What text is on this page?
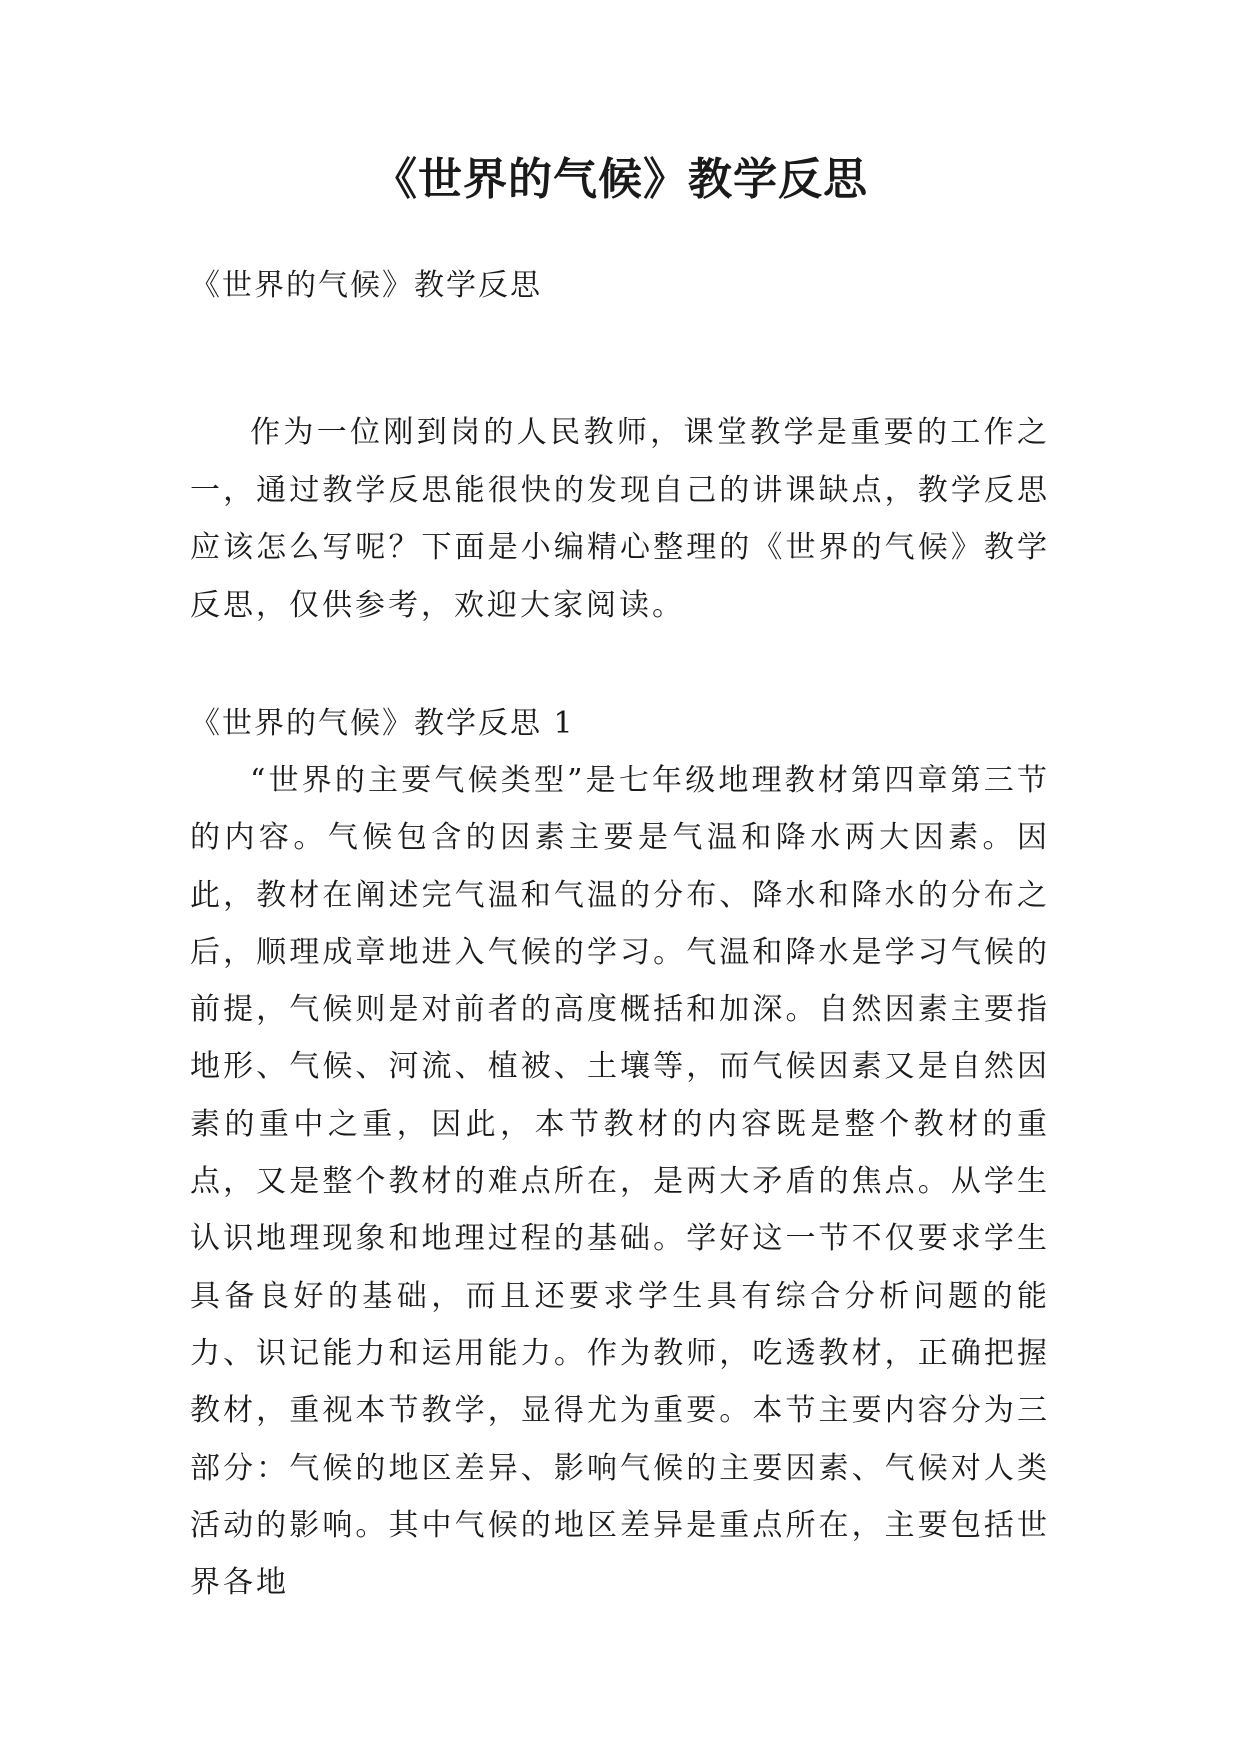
《世界的气候》教学反思

《世界的气候》教学反思

作为一位刚到岗的人民教师，课堂教学是重要的工作之一，通过教学反思能很快的发现自己的讲课缺点，教学反思应该怎么写呢？下面是小编精心整理的《世界的气候》教学反思，仅供参考，欢迎大家阅读。

《世界的气候》教学反思 1

“世界的主要气候类型”是七年级地理教材第四章第三节的内容。气候包含的因素主要是气温和降水两大因素。因此，教材在阐述完气温和气温的分布、降水和降水的分布之后，顺理成章地进入气候的学习。气温和降水是学习气候的前提，气候则是对前者的高度概括和加深。自然因素主要指地形、气候、河流、植被、土壤等，而气候因素又是自然因素的重中之重，因此，本节教材的内容既是整个教材的重点，又是整个教材的难点所在，是两大矛盾的焦点。从学生认识地理现象和地理过程的基础。学好这一节不仅要求学生具备良好的基础，而且还要求学生具有综合分析问题的能力、识记能力和运用能力。作为教师，吃透教材，正确把握教材，重视本节教学，显得尤为重要。本节主要内容分为三部分：气候的地区差异、影响气候的主要因素、气候对人类活动的影响。其中气候的地区差异是重点所在，主要包括世界各地
